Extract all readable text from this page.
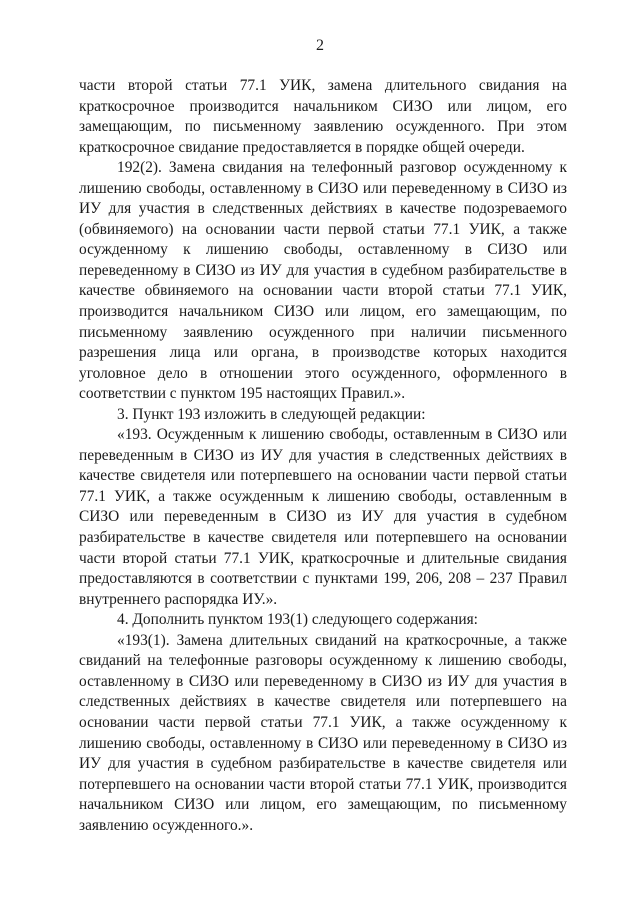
2

части второй статьи 77.1 УИК, замена длительного свидания на краткосрочное производится начальником СИЗО или лицом, его замещающим, по письменному заявлению осужденного. При этом краткосрочное свидание предоставляется в порядке общей очереди.

192(2). Замена свидания на телефонный разговор осужденному к лишению свободы, оставленному в СИЗО или переведенному в СИЗО из ИУ для участия в следственных действиях в качестве подозреваемого (обвиняемого) на основании части первой статьи 77.1 УИК, а также осужденному к лишению свободы, оставленному в СИЗО или переведенному в СИЗО из ИУ для участия в судебном разбирательстве в качестве обвиняемого на основании части второй статьи 77.1 УИК, производится начальником СИЗО или лицом, его замещающим, по письменному заявлению осужденного при наличии письменного разрешения лица или органа, в производстве которых находится уголовное дело в отношении этого осужденного, оформленного в соответствии с пунктом 195 настоящих Правил.».

3. Пункт 193 изложить в следующей редакции:

«193. Осужденным к лишению свободы, оставленным в СИЗО или переведенным в СИЗО из ИУ для участия в следственных действиях в качестве свидетеля или потерпевшего на основании части первой статьи 77.1 УИК, а также осужденным к лишению свободы, оставленным в СИЗО или переведенным в СИЗО из ИУ для участия в судебном разбирательстве в качестве свидетеля или потерпевшего на основании части второй статьи 77.1 УИК, краткосрочные и длительные свидания предоставляются в соответствии с пунктами 199, 206, 208 – 237 Правил внутреннего распорядка ИУ.».

4. Дополнить пунктом 193(1) следующего содержания:

«193(1). Замена длительных свиданий на краткосрочные, а также свиданий на телефонные разговоры осужденному к лишению свободы, оставленному в СИЗО или переведенному в СИЗО из ИУ для участия в следственных действиях в качестве свидетеля или потерпевшего на основании части первой статьи 77.1 УИК, а также осужденному к лишению свободы, оставленному в СИЗО или переведенному в СИЗО из ИУ для участия в судебном разбирательстве в качестве свидетеля или потерпевшего на основании части второй статьи 77.1 УИК, производится начальником СИЗО или лицом, его замещающим, по письменному заявлению осужденного.».
